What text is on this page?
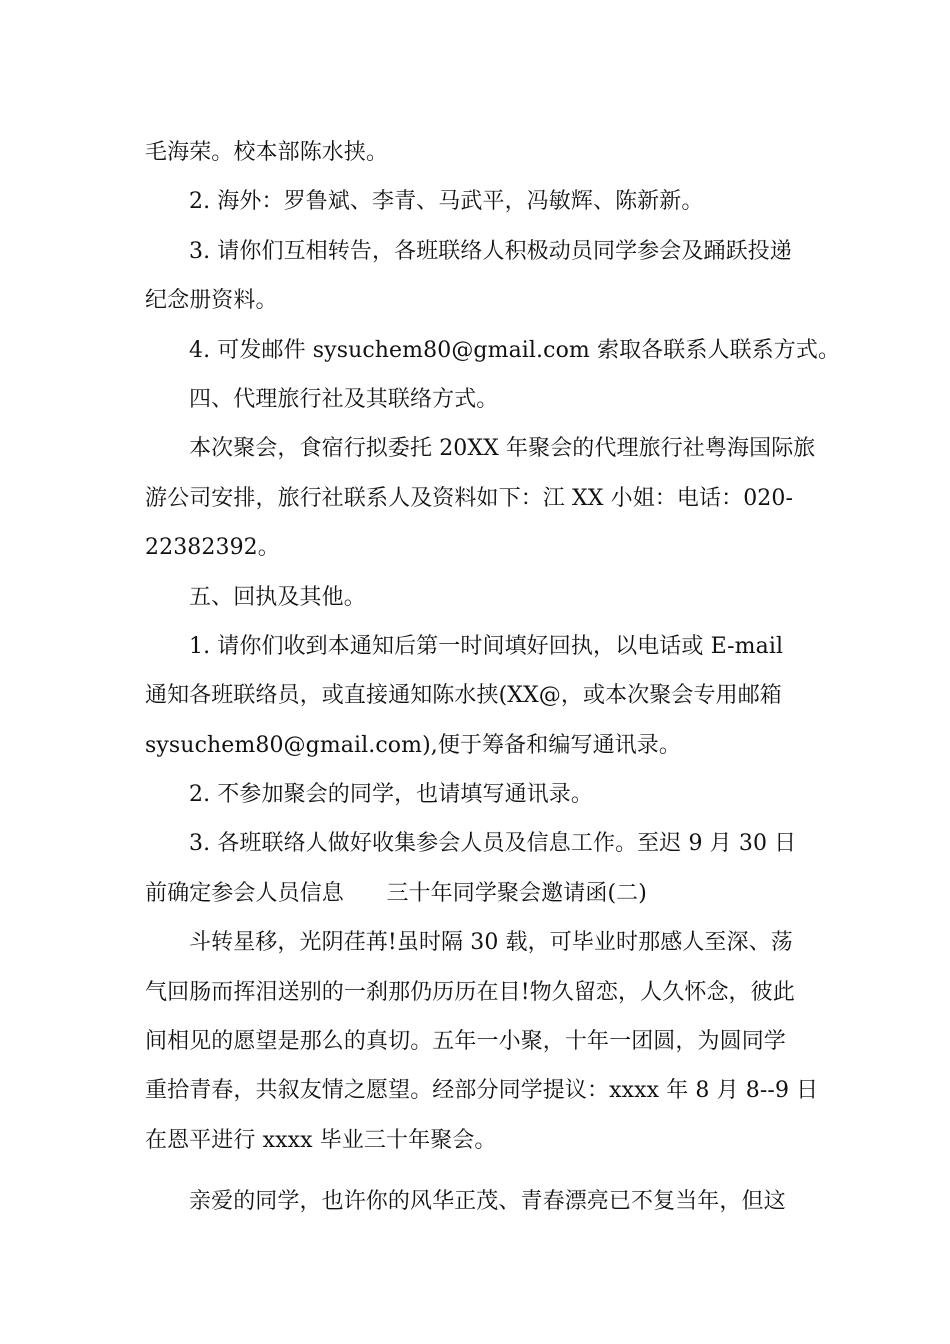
毛海荣。校本部陈水挟。
2. 海外：罗鲁斌、李青、马武平，冯敏辉、陈新新。
3. 请你们互相转告，各班联络人积极动员同学参会及踊跃投递
纪念册资料。
4. 可发邮件 sysuchem80@gmail.com 索取各联系人联系方式。
四、代理旅行社及其联络方式。
本次聚会，食宿行拟委托 20XX 年聚会的代理旅行社粤海国际旅
游公司安排，旅行社联系人及资料如下：江 XX 小姐：电话：020-
22382392。
五、回执及其他。
1. 请你们收到本通知后第一时间填好回执，以电话或 E-mail
通知各班联络员，或直接通知陈水挟(XX@，或本次聚会专用邮箱
sysuchem80@gmail.com),便于筹备和编写通讯录。
2. 不参加聚会的同学，也请填写通讯录。
3. 各班联络人做好收集参会人员及信息工作。至迟 9 月 30 日
前确定参会人员信息      三十年同学聚会邀请函(二)
斗转星移，光阴荏苒!虽时隔 30 载，可毕业时那感人至深、荡
气回肠而挥泪送别的一刹那仍历历在目!物久留恋，人久怀念，彼此
间相见的愿望是那么的真切。五年一小聚，十年一团圆，为圆同学
重拾青春，共叙友情之愿望。经部分同学提议：xxxx 年 8 月 8--9 日
在恩平进行 xxxx 毕业三十年聚会。
亲爱的同学，也许你的风华正茂、青春漂亮已不复当年，但这
